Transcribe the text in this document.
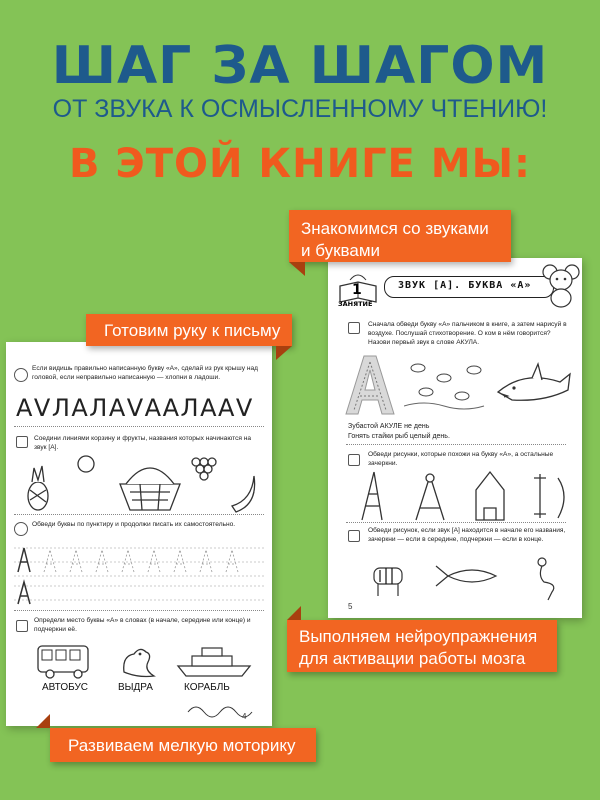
ШАГ ЗА ШАГОМ
ОТ ЗВУКА К ОСМЫСЛЕННОМУ ЧТЕНИЮ!
В ЭТОЙ КНИГЕ МЫ:
1
ЗАНЯТИЕ
ЗВУК [А]. БУКВА «А»
Сначала обведи букву «А» пальчиком в книге, а затем нарисуй в воздухе. Послушай стихотворение. О ком в нём говорится? Назови первый звук в слове АКУЛА.
Зубастой АКУЛЕ не день
Гонять стайки рыб целый день.
Обведи рисунки, которые похожи на букву «А», а остальные зачеркни.
Обведи рисунок, если звук [А] находится в начале его названия, зачеркни — если в середине, подчеркни — если в конце.
5
Если видишь правильно написанную букву «А», сделай из рук крышу над головой, если неправильно написанную — хлопни в ладоши.
АVЛАЛАVААЛААV
Соедини линиями корзину и фрукты, названия которых начинаются на звук [А].
Обведи буквы по пунктиру и продолжи писать их самостоятельно.
Определи место буквы «А» в словах (в начале, середине или конце) и подчеркни её.
АВТОБУС	ВЫДРА	КОРАБЛЬ
4
Знакомимся со звуками
и буквами
Готовим руку к письму
Выполняем нейроупражнения
для активации работы мозга
Развиваем мелкую моторику
